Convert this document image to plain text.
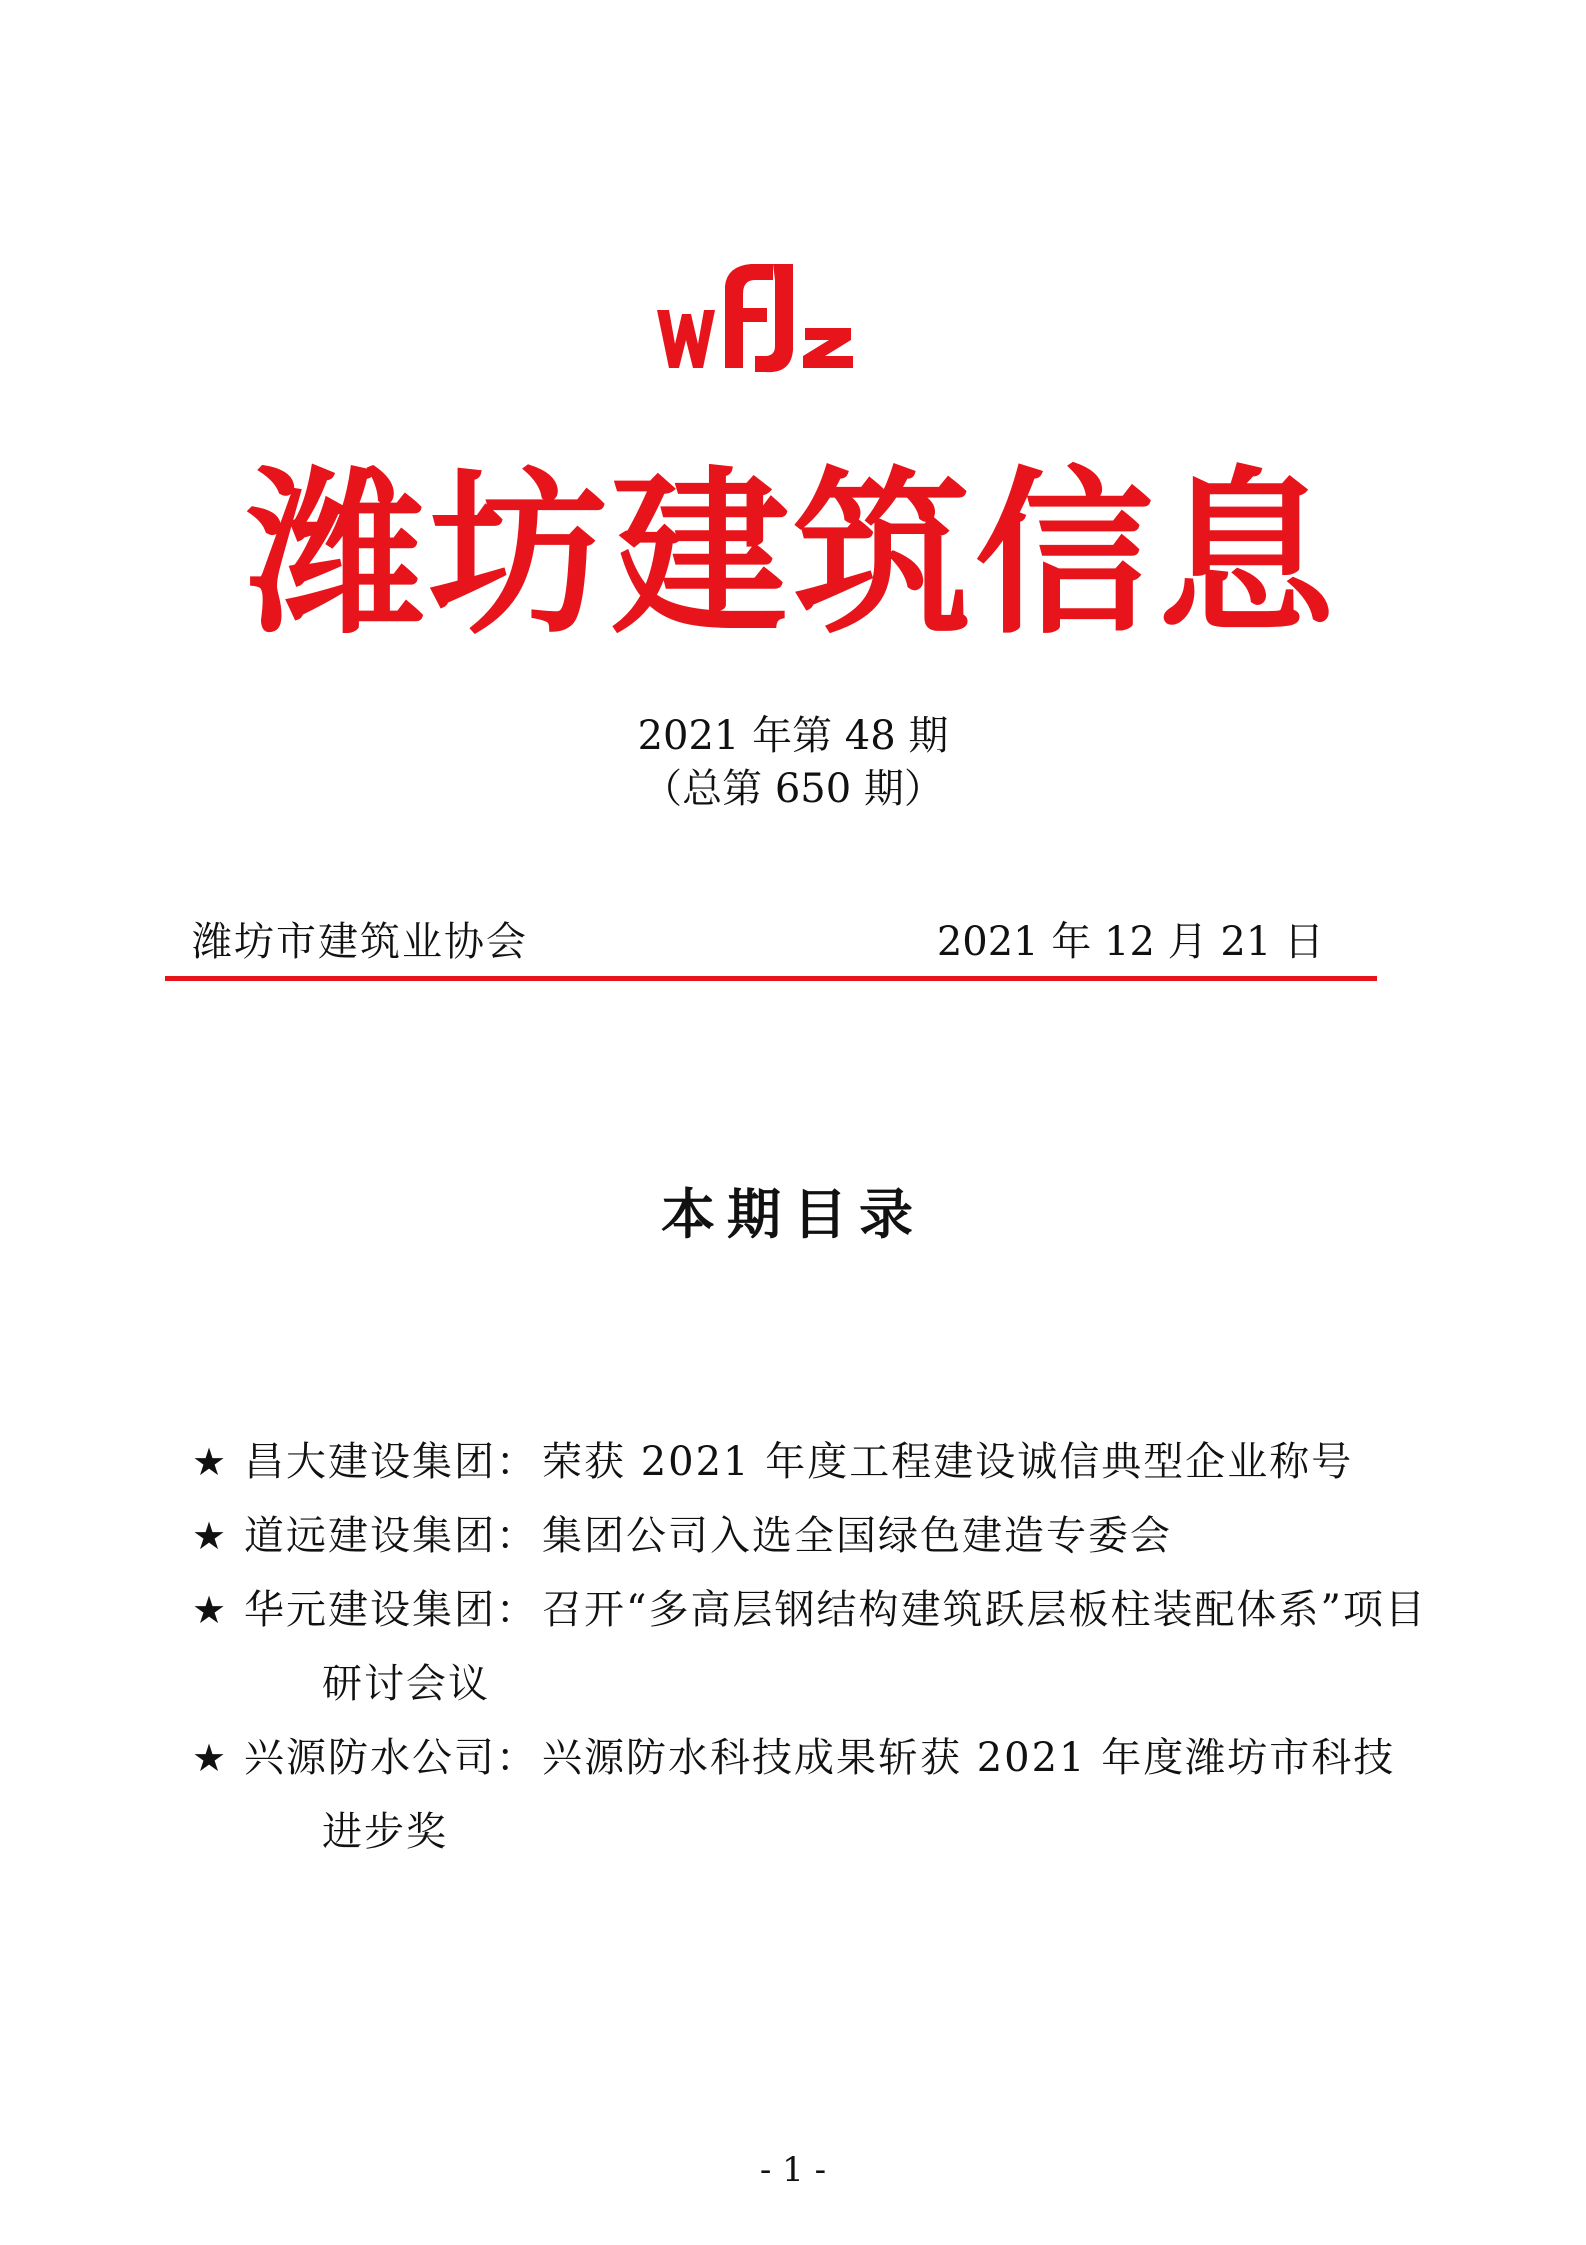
潍坊建筑信息
2021 年第 48 期
（总第 650 期）
潍坊市建筑业协会	2021 年 12 月 21 日
本期目录
★ 昌大建设集团： 荣获 2021 年度工程建设诚信典型企业称号
★ 道远建设集团： 集团公司入选全国绿色建造专委会
★ 华元建设集团： 召开“多高层钢结构建筑跃层板柱装配体系”项目研讨会议
★ 兴源防水公司： 兴源防水科技成果斩获 2021 年度潍坊市科技进步奖
- 1 -
